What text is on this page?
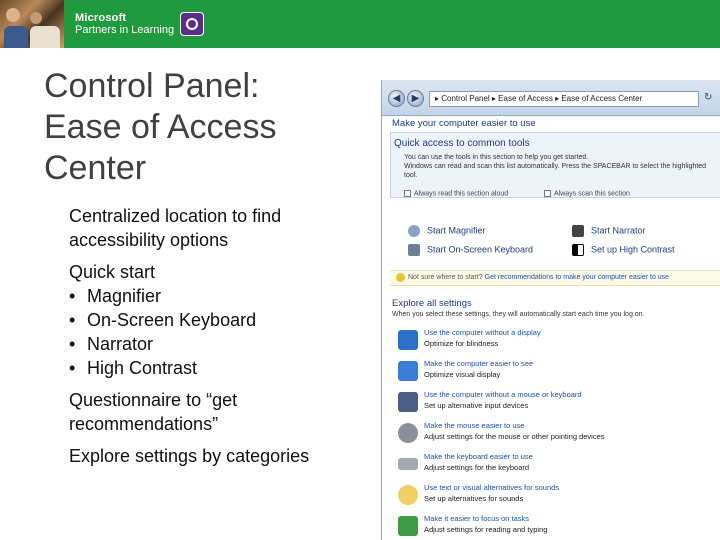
Microsoft
Partners in Learning
Control Panel:
Ease of Access
Center
Centralized location to find accessibility options
Quick start
• Magnifier
• On-Screen Keyboard
• Narrator
• High Contrast
Questionnaire to “get recommendations”
Explore settings by categories
◀	▶	▸ Control Panel ▸ Ease of Access ▸ Ease of Access Center	↻
Make your computer easier to use
Quick access to common tools
You can use the tools in this section to help you get started.
Windows can read and scan this list automatically. Press the SPACEBAR to select the highlighted tool.
Always read this section aloud	Always scan this section
Start Magnifier	Start Narrator
Start On-Screen Keyboard	Set up High Contrast
Not sure where to start? Get recommendations to make your computer easier to use
Explore all settings
When you select these settings, they will automatically start each time you log on.
Use the computer without a display
Optimize for blindness
Make the computer easier to see
Optimize visual display
Use the computer without a mouse or keyboard
Set up alternative input devices
Make the mouse easier to use
Adjust settings for the mouse or other pointing devices
Make the keyboard easier to use
Adjust settings for the keyboard
Use text or visual alternatives for sounds
Set up alternatives for sounds
Make it easier to focus on tasks
Adjust settings for reading and typing
